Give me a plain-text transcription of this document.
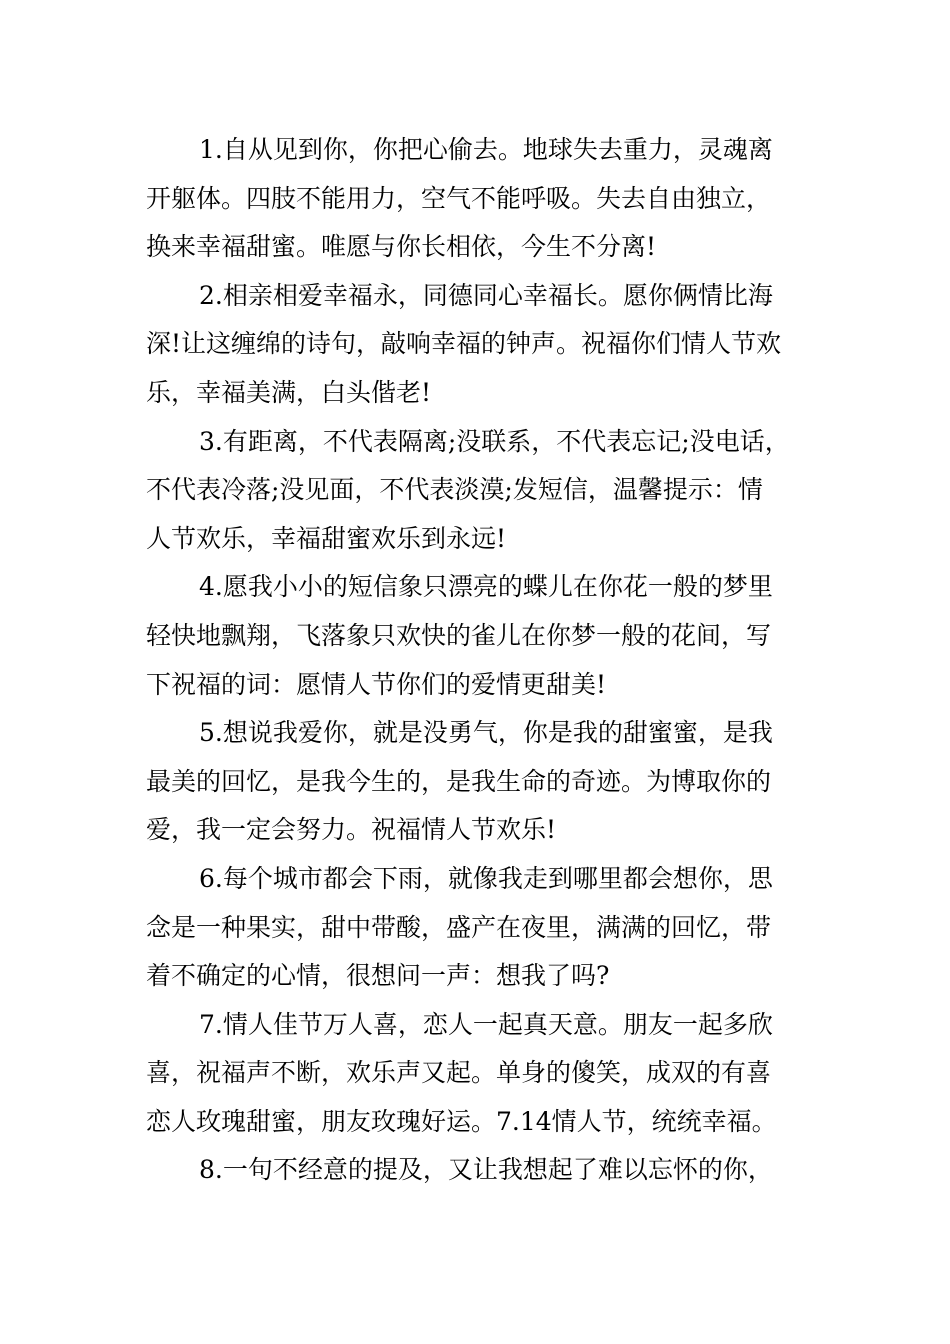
1.自从见到你，你把心偷去。地球失去重力，灵魂离
开躯体。四肢不能用力，空气不能呼吸。失去自由独立，
换来幸福甜蜜。唯愿与你长相依，今生不分离!

2.相亲相爱幸福永，同德同心幸福长。愿你俩情比海
深!让这缠绵的诗句，敲响幸福的钟声。祝福你们情人节欢
乐，幸福美满，白头偕老!

3.有距离，不代表隔离;没联系，不代表忘记;没电话，
不代表冷落;没见面，不代表淡漠;发短信，温馨提示：情
人节欢乐，幸福甜蜜欢乐到永远!

4.愿我小小的短信象只漂亮的蝶儿在你花一般的梦里
轻快地飘翔，飞落象只欢快的雀儿在你梦一般的花间，写
下祝福的词：愿情人节你们的爱情更甜美!

5.想说我爱你，就是没勇气，你是我的甜蜜蜜，是我
最美的回忆，是我今生的，是我生命的奇迹。为博取你的
爱，我一定会努力。祝福情人节欢乐!

6.每个城市都会下雨，就像我走到哪里都会想你，思
念是一种果实，甜中带酸，盛产在夜里，满满的回忆，带
着不确定的心情，很想问一声：想我了吗?

7.情人佳节万人喜，恋人一起真天意。朋友一起多欣
喜，祝福声不断，欢乐声又起。单身的傻笑，成双的有喜
恋人玫瑰甜蜜，朋友玫瑰好运。7.14情人节，统统幸福。

8.一句不经意的提及，又让我想起了难以忘怀的你，
